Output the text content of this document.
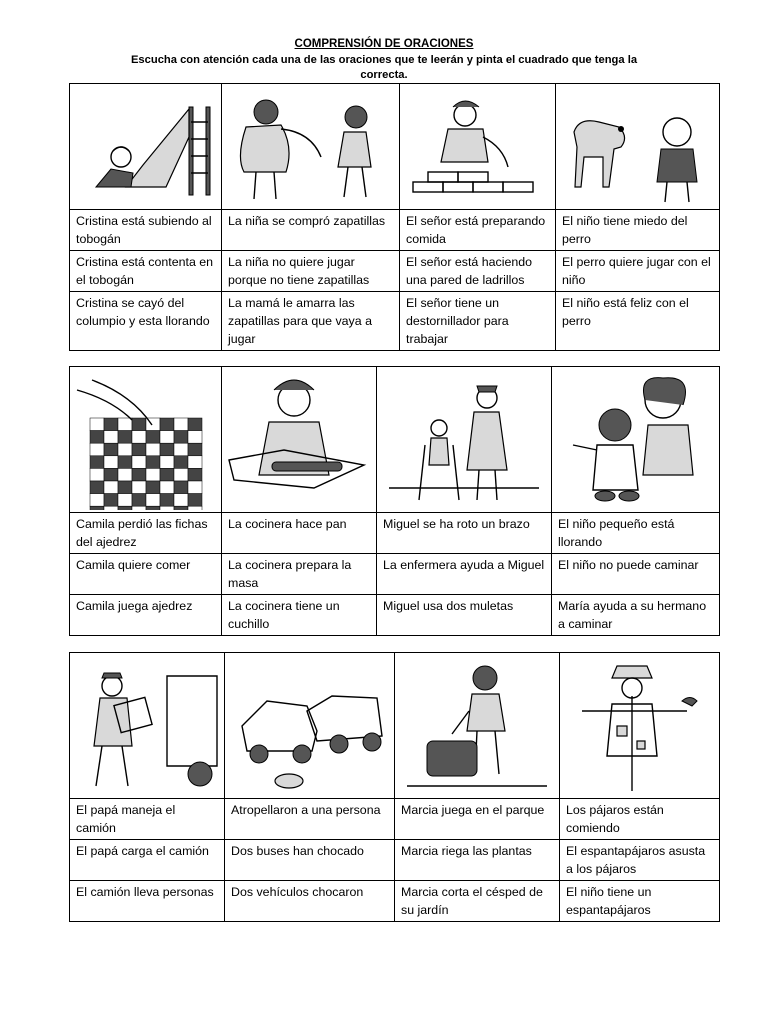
COMPRENSIÓN DE ORACIONES
Escucha con atención cada una de las oraciones que te leerán y pinta el cuadrado que tenga la correcta.

Cristina está subiendo al tobogán	La niña se compró zapatillas	El señor está preparando comida	El niño tiene miedo del perro
Cristina está contenta en el tobogán	La niña no quiere jugar porque no tiene zapatillas	El señor está haciendo una pared de ladrillos	El perro quiere jugar con el niño
Cristina se cayó del columpio y esta llorando	La mamá le amarra las zapatillas para que vaya a jugar	El señor tiene un destornillador para trabajar	El niño está feliz con el perro

Camila perdió las fichas del ajedrez	La cocinera hace pan	Miguel se ha roto un brazo	El niño pequeño está llorando
Camila quiere comer	La cocinera prepara la masa	La enfermera ayuda a Miguel	El niño no puede caminar
Camila juega ajedrez	La cocinera tiene un cuchillo	Miguel usa dos muletas	María ayuda a su hermano a caminar

El papá maneja el camión	Atropellaron a una persona	Marcia juega en el parque	Los pájaros están comiendo
El papá carga el camión	Dos buses han chocado	Marcia riega las plantas	El espantapájaros asusta a los pájaros
El camión lleva personas	Dos vehículos chocaron	Marcia corta el césped de su jardín	El niño tiene un espantapájaros
